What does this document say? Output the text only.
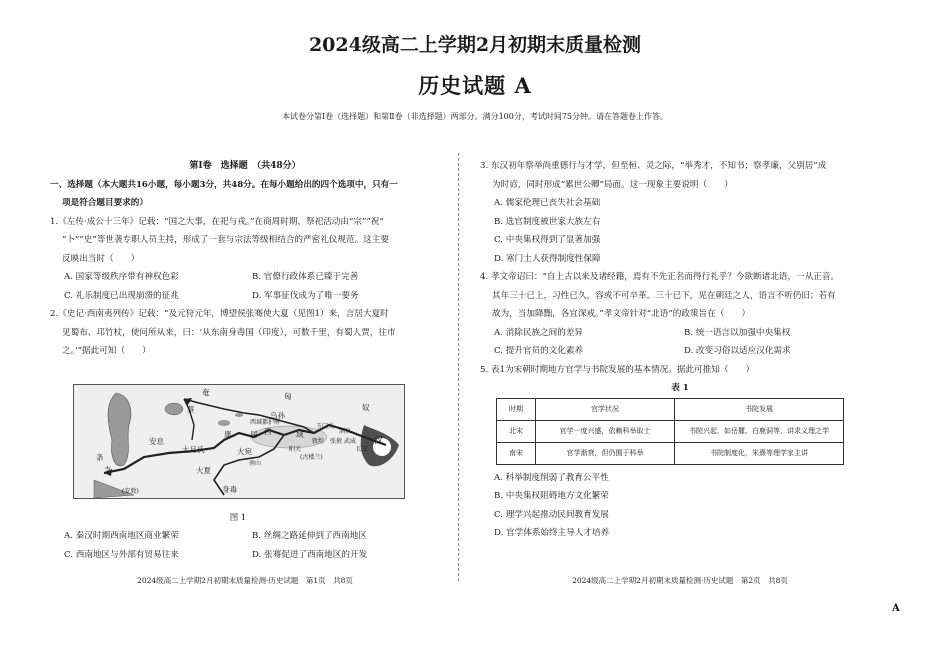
2024级高二上学期2月初期末质量检测
历史试题 A
本试卷分第Ⅰ卷（选择题）和第Ⅱ卷（非选择题）两部分。满分100分，考试时间75分钟。请在答题卷上作答。

第Ⅰ卷　选择题　（共48分）

一、选择题（本大题共16小题，每小题3分，共48分。在每小题给出的四个选项中，只有一

项是符合题目要求的）

1.《左传·成公十三年》记载：“国之大事，在祀与戎。”在商周时期，祭祀活动由“宗”“祝”

“卜”“史”等世袭专职人员主持，形成了一套与宗法等级相结合的严密礼仪规范。这主要

反映出当时（　　）

A. 国家等级秩序带有神权色彩	B. 官僚行政体系已臻于完善
C. 礼乐制度已出现崩溃的征兆	D. 军事征伐成为了唯一要务

2.《史记·西南夷列传》记载：“及元狩元年，博望侯张骞使大夏（见图1）来，言居大夏时

见蜀布、邛竹杖，使问所从来，曰：‘从东南身毒国（印度），可数千里，有蜀人贾，往市

之。’”据此可知（　　）

奄
蔡
康 居
大宛
乌孙
安息
大月氏
大夏
条
支
身毒
西	域
匈
奴
汉
西域都护府
玉门关
酒泉
敦煌
长安
张掖 武威
南山
阳关
(古楼兰)
(安敦)
图 1
A. 秦汉时期西南地区商业繁荣	B. 丝绸之路延伸到了西南地区
C. 西南地区与外部有贸易往来	D. 张骞促进了西南地区的开发
2024级高二上学期2月初期末质量检测·历史试题　第1页　共8页

3. 东汉初年察举尚重德行与才学，但至桓、灵之际，“举秀才，不知书；察孝廉，父别居”成

为时谚，同时形成“累世公卿”局面。这一现象主要说明（　　）

A. 儒家伦理已丧失社会基础

B. 选官制度被世家大族左右

C. 中央集权得到了显著加强

D. 寒门士人获得制度性保障

4. 孝文帝诏曰：“自上古以来及诸经籍，焉有不先正名而得行礼乎？今欲断诸北语，一从正音。

其年三十已上，习性已久，容或不可卒革。三十已下，见在朝廷之人，语言不听仍旧；若有

故为，当加降黜，各宜深戒。”孝文帝针对“北语”的政策旨在（　　）

A. 消除民族之间的差异	B. 统一语言以加强中央集权
C. 提升官员的文化素养	D. 改变习俗以适应汉化需求

5. 表1为宋朝时期地方官学与书院发展的基本情况。据此可推知（　　）

表 1

时期	官学状况	书院发展
北宋	官学一度兴盛，依赖科举取士	书院兴起，如岳麓、白鹿洞等，讲求义理之学
南宋	官学渐衰，但仍囿于科举	书院制度化，朱熹等理学家主讲

A. 科举制度削弱了教育公平性

B. 中央集权阻碍地方文化繁荣

C. 理学兴起推动民间教育发展

D. 官学体系始终主导人才培养

2024级高二上学期2月初期末质量检测·历史试题　第2页　共8页
A
